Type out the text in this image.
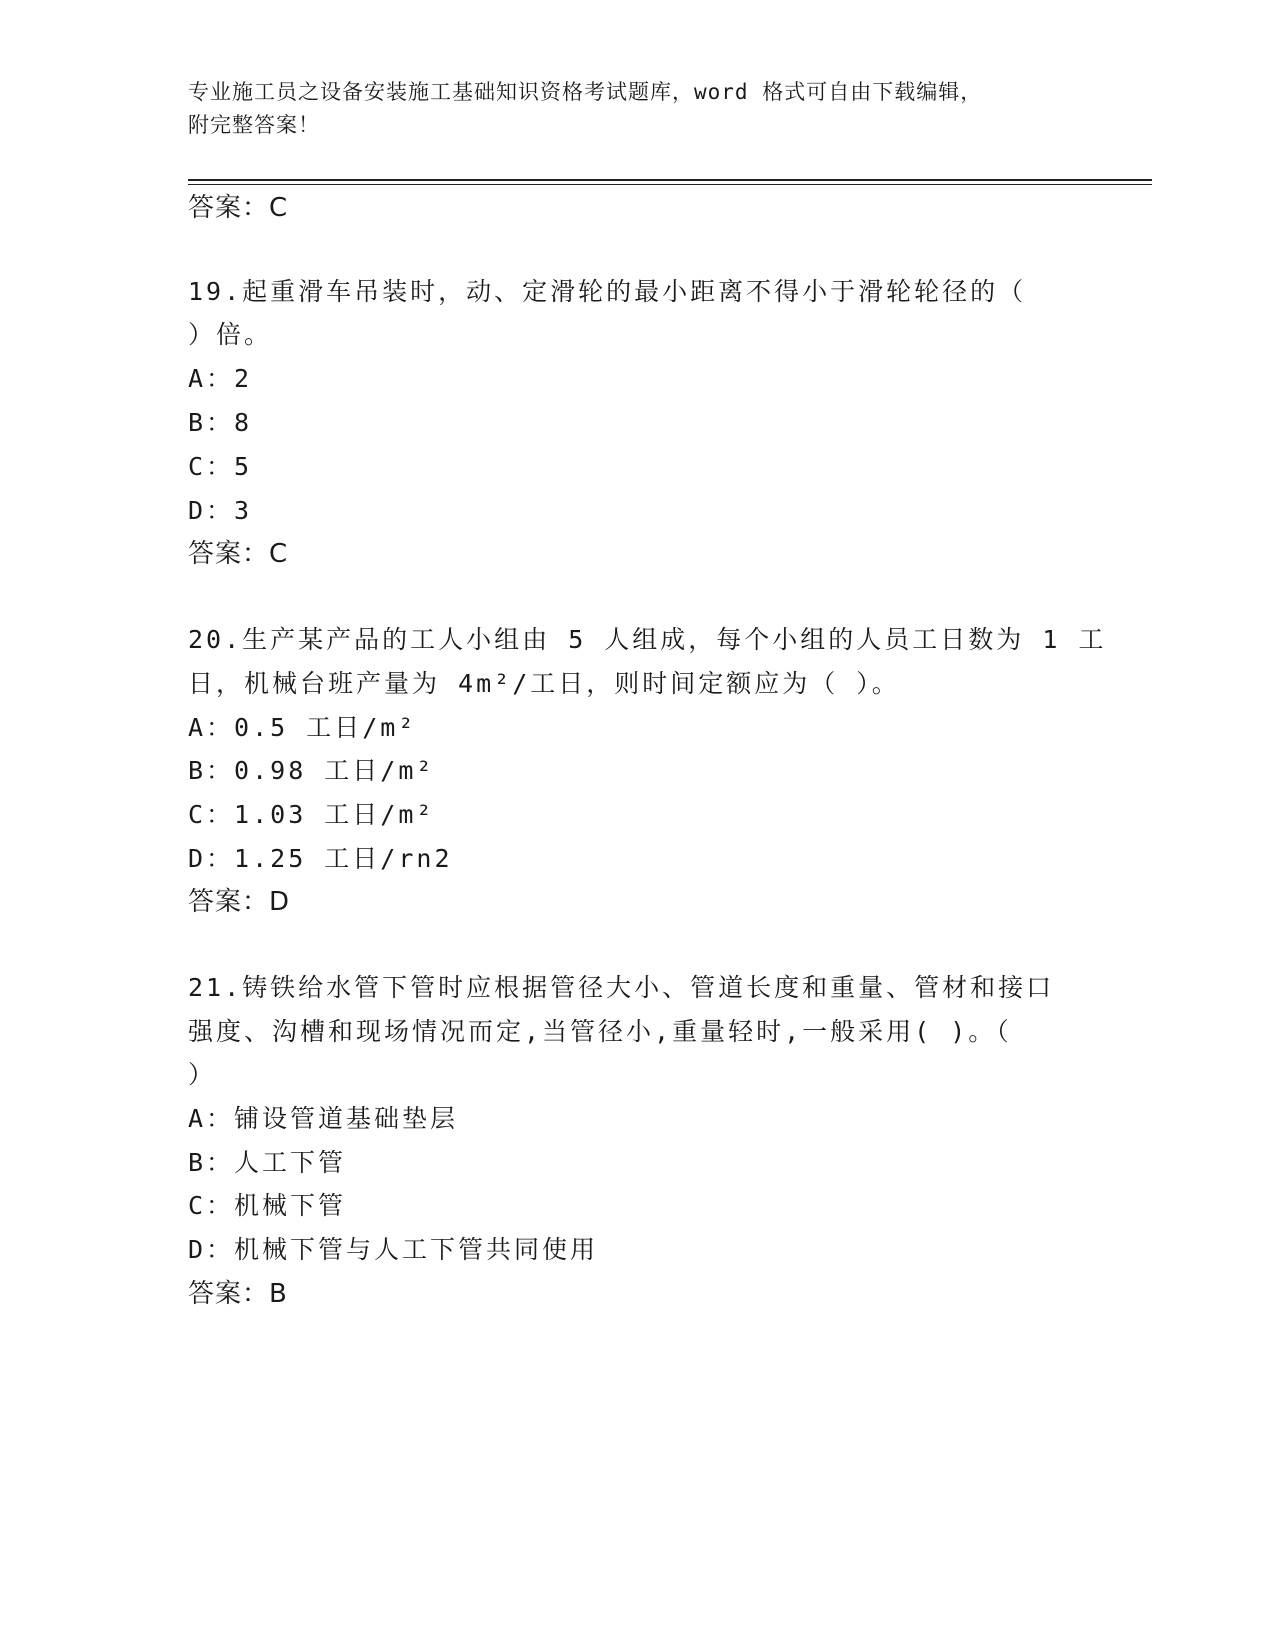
专业施工员之设备安装施工基础知识资格考试题库，word 格式可自由下载编辑，
附完整答案！
答案：C
19.起重滑车吊装时，动、定滑轮的最小距离不得小于滑轮轮径的（
）倍。
A：2
B：8
C：5
D：3
答案：C
20.生产某产品的工人小组由 5 人组成，每个小组的人员工日数为 1 工
日，机械台班产量为 4m²/工日，则时间定额应为（ ）。
A：0.5 工日/m²
B：0.98 工日/m²
C：1.03 工日/m²
D：1.25 工日/rn2
答案：D
21.铸铁给水管下管时应根据管径大小、管道长度和重量、管材和接口
强度、沟槽和现场情况而定,当管径小,重量轻时,一般采用( )。（
）
A：铺设管道基础垫层
B：人工下管
C：机械下管
D：机械下管与人工下管共同使用
答案：B
